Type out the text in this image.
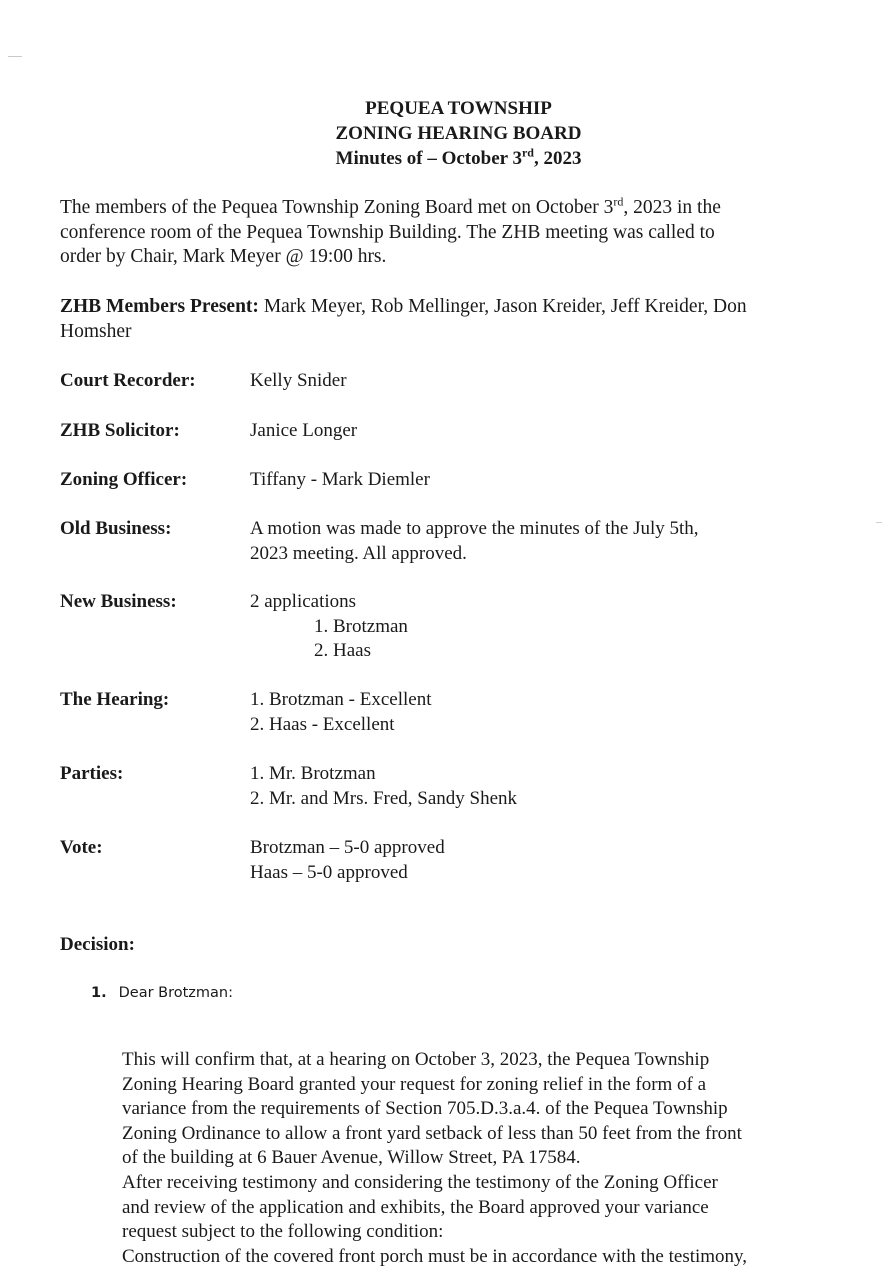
PEQUEA TOWNSHIP
ZONING HEARING BOARD
Minutes of – October 3rd, 2023
The members of the Pequea Township Zoning Board met on October 3rd, 2023 in the
conference room of the Pequea Township Building. The ZHB meeting was called to
order by Chair, Mark Meyer @ 19:00 hrs.
ZHB Members Present: Mark Meyer, Rob Mellinger, Jason Kreider, Jeff Kreider, Don
Homsher
Court Recorder:	Kelly Snider
ZHB Solicitor:	Janice Longer
Zoning Officer:	Tiffany - Mark Diemler
Old Business:	A motion was made to approve the minutes of the July 5th,
2023 meeting. All approved.
New Business:	2 applications
1. Brotzman
2. Haas
The Hearing:	1. Brotzman - Excellent
2. Haas - Excellent
Parties:	1. Mr. Brotzman
2. Mr. and Mrs. Fred, Sandy Shenk
Vote:	Brotzman – 5-0 approved
Haas – 5-0 approved
Decision:
1. Dear Brotzman:
This will confirm that, at a hearing on October 3, 2023, the Pequea Township
Zoning Hearing Board granted your request for zoning relief in the form of a
variance from the requirements of Section 705.D.3.a.4. of the Pequea Township
Zoning Ordinance to allow a front yard setback of less than 50 feet from the front
of the building at 6 Bauer Avenue, Willow Street, PA 17584.
After receiving testimony and considering the testimony of the Zoning Officer
and review of the application and exhibits, the Board approved your variance
request subject to the following condition:
Construction of the covered front porch must be in accordance with the testimony,
